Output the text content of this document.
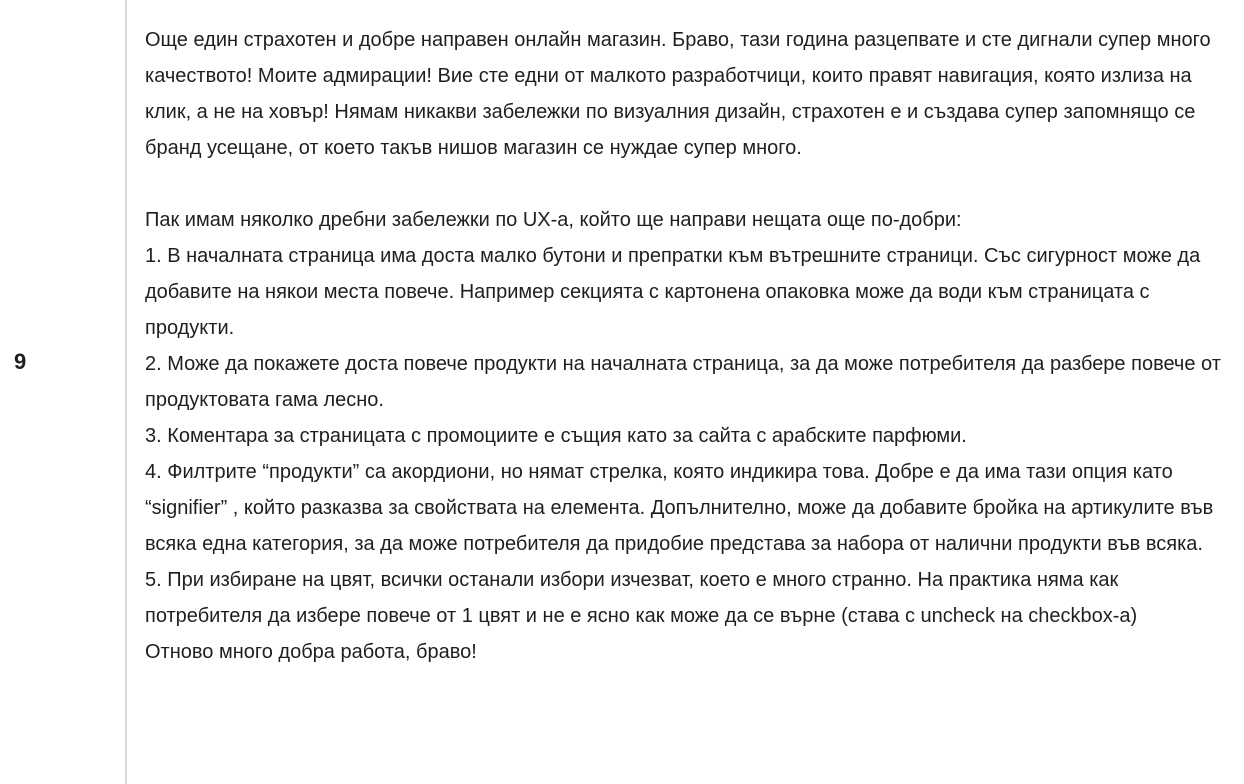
9

Още един страхотен и добре направен онлайн магазин. Браво, тази година разцепвате и сте дигнали супер много качеството! Моите адмирации! Вие сте едни от малкото разработчици, които правят навигация, която излиза на клик, а не на ховър! Нямам никакви забележки по визуалния дизайн, страхотен е и създава супер запомнящо се бранд усещане, от което такъв нишов магазин се нуждае супер много.

Пак имам няколко дребни забележки по UX-а, който ще направи нещата още по-добри:
1. В началната страница има доста малко бутони и препратки към вътрешните страници. Със сигурност може да добавите на някои места повече. Например секцията с картонена опаковка може да води към страницата с продукти.
2. Може да покажете доста повече продукти на началната страница, за да може потребителя да разбере повече от продуктовата гама лесно.
3. Коментара за страницата с промоциите е същия като за сайта с арабските парфюми.
4. Филтрите “продукти” са акордиони, но нямат стрелка, която индикира това. Добре е да има тази опция като “signifier” , който разказва за свойствата на елемента. Допълнително, може да добавите бройка на артикулите във всяка една категория, за да може потребителя да придобие представа за набора от налични продукти във всяка.
5. При избиране на цвят, всички останали избори изчезват, което е много странно. На практика няма как потребителя да избере повече от 1 цвят и не е ясно как може да се върне (става с uncheck на checkbox-а)
Отново много добра работа, браво!
